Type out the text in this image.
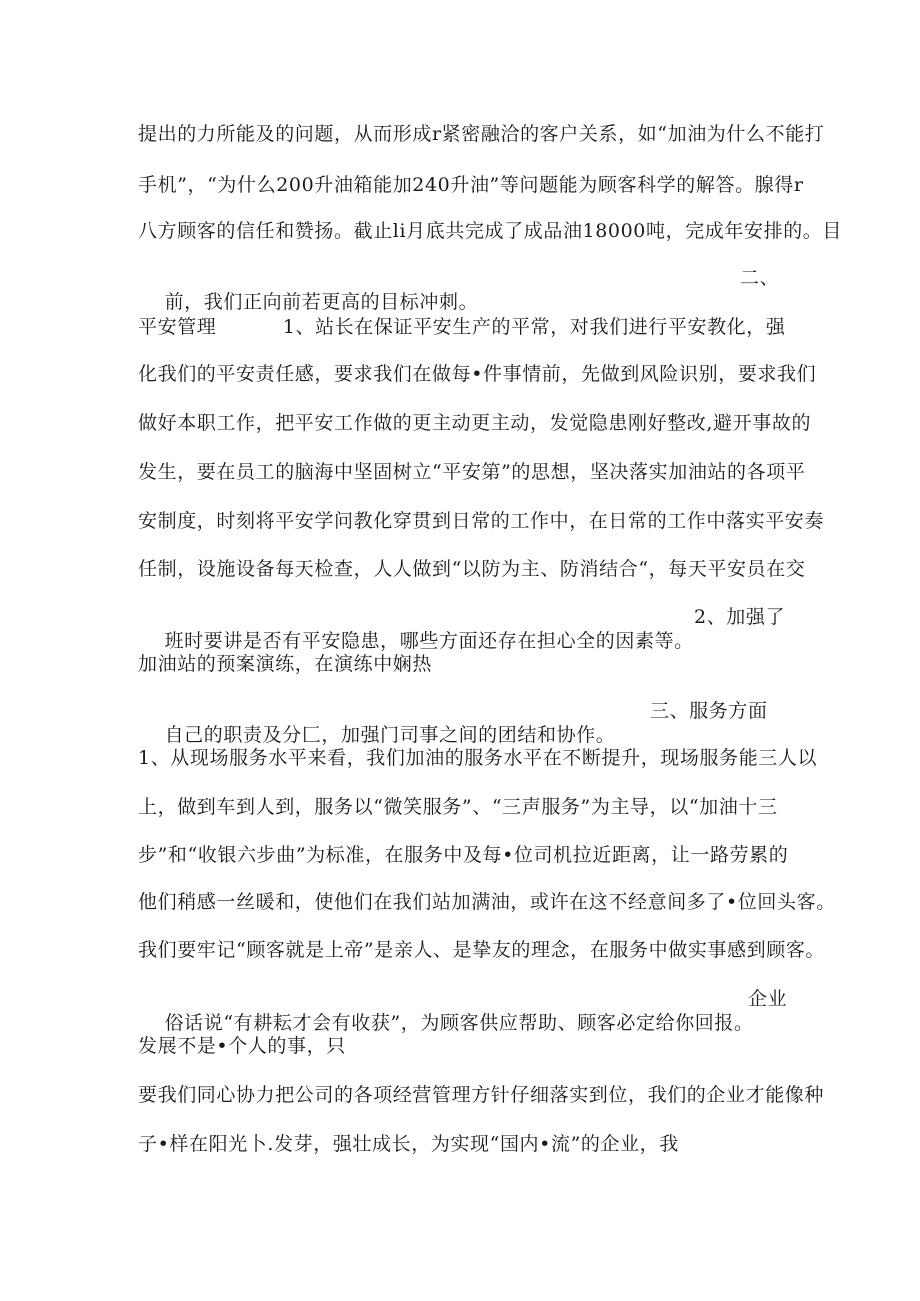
提出的力所能及的问题，从而形成r紧密融洽的客户关系，如“加油为什么不能打
手机”，“为什么200升油箱能加240升油”等问题能为顾客科学的解答。腺得r
八方顾客的信任和赞扬。截止li月底共完成了成品油18000吨，完成年安排的。目

前，我们正向前若更高的目标冲刺。

二、

平安管理          1、站长在保证平安生产的平常，对我们进行平安教化，强
化我们的平安责任感，要求我们在做每•件事情前，先做到风险识别，要求我们
做好本职工作，把平安工作做的更主动更主动，发觉隐患刚好整改,避开事故的
发生，要在员工的脑海中坚固树立“平安第”的思想，坚决落实加油站的各项平
安制度，时刻将平安学问教化穿贯到日常的工作中，在日常的工作中落实平安奏
任制，设施设备每天检查，人人做到“以防为主、防消结合“，每天平安员在交

班时要讲是否有平安隐患，哪些方面还存在担心全的因素等。

2、加强了

加油站的预案演练，在演练中娴热

自己的职责及分匚，加强门司事之间的团结和协作。

三、服务方面

1、从现场服务水平来看，我们加油的服务水平在不断提升，现场服务能三人以
上，做到车到人到，服务以“微笑服务”、“三声服务”为主导，以“加油十三
步”和“收银六步曲”为标准，在服务中及每•位司机拉近距离，让一路劳累的
他们稍感一丝暖和，使他们在我们站加满油，或许在这不经意间多了•位回头客。
我们要牢记“顾客就是上帝”是亲人、是挚友的理念，在服务中做实事感到顾客。

俗话说“有耕耘才会有收获”，为顾客供应帮助、顾客必定给你回报。

企业

发展不是•个人的事，只
要我们同心协力把公司的各项经营管理方针仔细落实到位，我们的企业才能像种
子•样在阳光卜.发芽，强壮成长，为实现“国内•流”的企业，我
